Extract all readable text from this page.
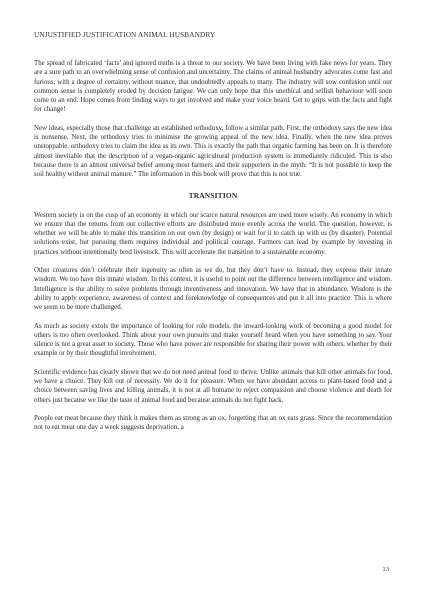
UNJUSTIFIED JUSTIFICATION ANIMAL HUSBANDRY

The spread of fabricated ‘facts’ and ignored truths is a threat to our society. We have been living with fake news for years. They are a sure path to an overwhelming sense of confusion and uncertainty. The claims of animal husbandry advocates come fast and furious, with a degree of certainty, without nuance, that undoubtedly appeals to many. The industry will sow confusion until our common sense is completely eroded by decision fatigue. We can only hope that this unethical and selfish behaviour will soon come to an end. Hope comes from finding ways to get involved and make your voice heard. Get to grips with the facts and fight for change!

New ideas, especially those that challenge an established orthodoxy, follow a similar path. First, the orthodoxy says the new idea is nonsense. Next, the orthodoxy tries to minimise the growing appeal of the new idea. Finally, when the new idea proves unstoppable, orthodoxy tries to claim the idea as its own. This is exactly the path that organic farming has been on. It is therefore almost inevitable that the description of a vegan-organic agricultural production system is immediately ridiculed. This is also because there is an almost universal belief among most farmers and their supporters in the myth: “It is not possible to keep the soil healthy without animal manure.” The information in this book will prove that this is not true.

TRANSITION

Western society is on the cusp of an economy in which our scarce natural resources are used more wisely. An economy in which we ensure that the returns from our collective efforts are distributed more evenly across the world. The question, however, is whether we will be able to make this transition on our own (by design) or wait for it to catch up with us (by disaster). Potential solutions exist, but pursuing them requires individual and political courage. Farmers can lead by example by investing in practices without intentionally bred livestock. This will accelerate the transition to a sustainable economy.

Other creatures don’t celebrate their ingenuity as often as we do, but they don’t have to. Instead, they express their innate wisdom. We too have this innate wisdom. In this context, it is useful to point out the difference between intelligence and wisdom. Intelligence is the ability to solve problems through inventiveness and innovation. We have that in abundance. Wisdom is the ability to apply experience, awareness of context and foreknowledge of consequences and put it all into practice. This is where we seem to be more challenged.

As much as society extols the importance of looking for role models, the inward-looking work of becoming a good model for others is too often overlooked. Think about your own pursuits and make yourself heard when you have something to say. Your silence is not a great asset to society. Those who have power are responsible for sharing their power with others, whether by their example or by their thoughtful involvement.

Scientific evidence has clearly shown that we do not need animal food to thrive. Unlike animals that kill other animals for food, we have a choice. They kill out of necessity. We do it for pleasure. When we have abundant access to plant-based food and a choice between saving lives and killing animals, it is not at all humane to reject compassion and choose violence and death for others just because we like the taste of animal food and because animals do not fight back.

People eat meat because they think it makes them as strong as an ox, forgetting that an ox eats grass. Since the recommendation not to eat meat one day a week suggests deprivation, a

13
